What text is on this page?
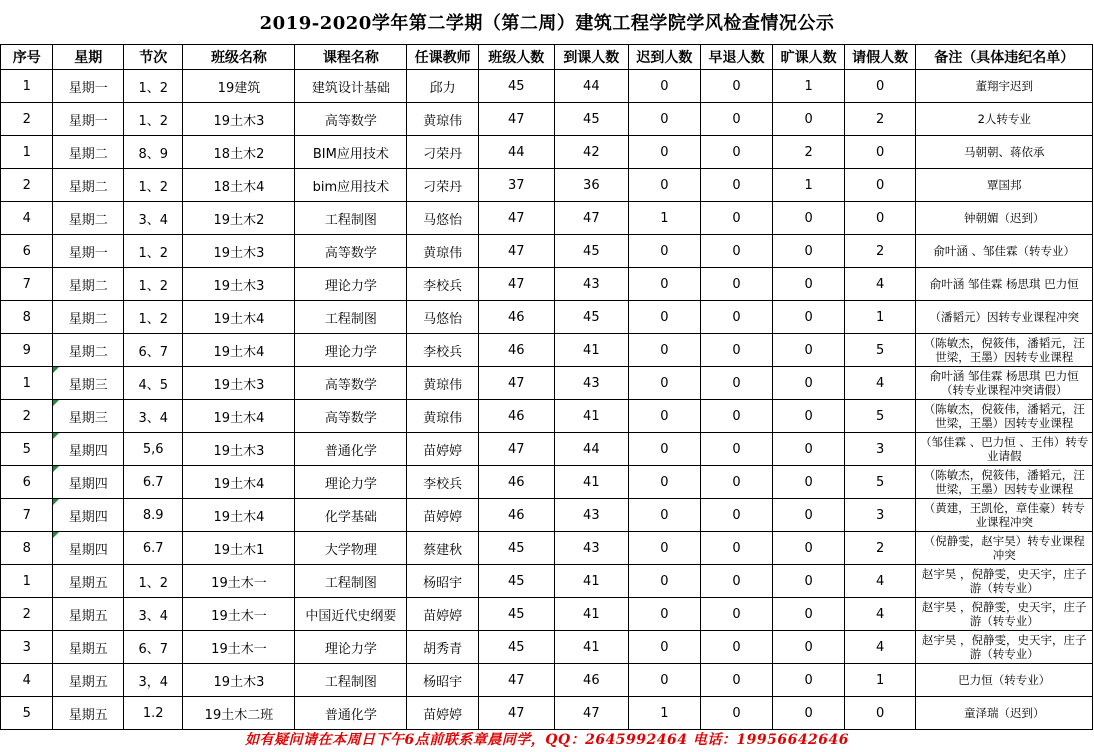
2019-2020学年第二学期（第二周）建筑工程学院学风检查情况公示
序号	星期	节次	班级名称	课程名称	任课教师	班级人数	到课人数	迟到人数	早退人数	旷课人数	请假人数	备注（具体违纪名单）
1	星期一	1、2	19建筑	建筑设计基础	邱力	45	44	0	0	1	0	董翔宇迟到
2	星期一	1、2	19土木3	高等数学	黄琼伟	47	45	0	0	0	2	2人转专业
1	星期二	8、9	18土木2	BIM应用技术	刁荣丹	44	42	0	0	2	0	马朝朝、蒋依承
2	星期二	1、2	18土木4	bim应用技术	刁荣丹	37	36	0	0	1	0	覃国邦
4	星期二	3、4	19土木2	工程制图	马悠怡	47	47	1	0	0	0	钟朝媚（迟到）
6	星期一	1、2	19土木3	高等数学	黄琼伟	47	45	0	0	0	2	俞叶涵 、邹佳霖（转专业）
7	星期二	1、2	19土木3	理论力学	李校兵	47	43	0	0	0	4	俞叶涵 邹佳霖 杨思琪 巴力恒
8	星期二	1、2	19土木4	工程制图	马悠怡	46	45	0	0	0	1	（潘韬元）因转专业课程冲突
9	星期二	6、7	19土木4	理论力学	李校兵	46	41	0	0	0	5	（陈敏杰，倪筱伟，潘韬元，汪世梁，王墨）因转专业课程
1	星期三	4、5	19土木3	高等数学	黄琼伟	47	43	0	0	0	4	俞叶涵 邹佳霖 杨思琪 巴力恒（转专业课程冲突请假）
2	星期三	3、4	19土木4	高等数学	黄琼伟	46	41	0	0	0	5	（陈敏杰，倪筱伟，潘韬元，汪世梁，王墨）因转专业课程
5	星期四	5,6	19土木3	普通化学	苗婷婷	47	44	0	0	0	3	（邹佳霖 、巴力恒 、王伟）转专业请假
6	星期四	6.7	19土木4	理论力学	李校兵	46	41	0	0	0	5	（陈敏杰，倪筱伟，潘韬元，汪世梁，王墨）因转专业课程
7	星期四	8.9	19土木4	化学基础	苗婷婷	46	43	0	0	0	3	（黄建，王凯伦，章佳豪）转专业课程冲突
8	星期四	6.7	19土木1	大学物理	蔡建秋	45	43	0	0	0	2	（倪静雯，赵宇昊）转专业课程冲突
1	星期五	1、2	19土木一	工程制图	杨昭宇	45	41	0	0	0	4	赵宇昊 ，倪静雯，史天宇，庄子游（转专业）
2	星期五	3、4	19土木一	中国近代史纲要	苗婷婷	45	41	0	0	0	4	赵宇昊 ，倪静雯，史天宇，庄子游（转专业）
3	星期五	6、7	19土木一	理论力学	胡秀青	45	41	0	0	0	4	赵宇昊 ，倪静雯，史天宇，庄子游（转专业）
4	星期五	3，4	19土木3	工程制图	杨昭宇	47	46	0	0	0	1	巴力恒（转专业）
5	星期五	1.2	19土木二班	普通化学	苗婷婷	47	47	1	0	0	0	童泽瑞（迟到）
如有疑问请在本周日下午6点前联系章晨同学，QQ：2645992464 电话：19956642646
